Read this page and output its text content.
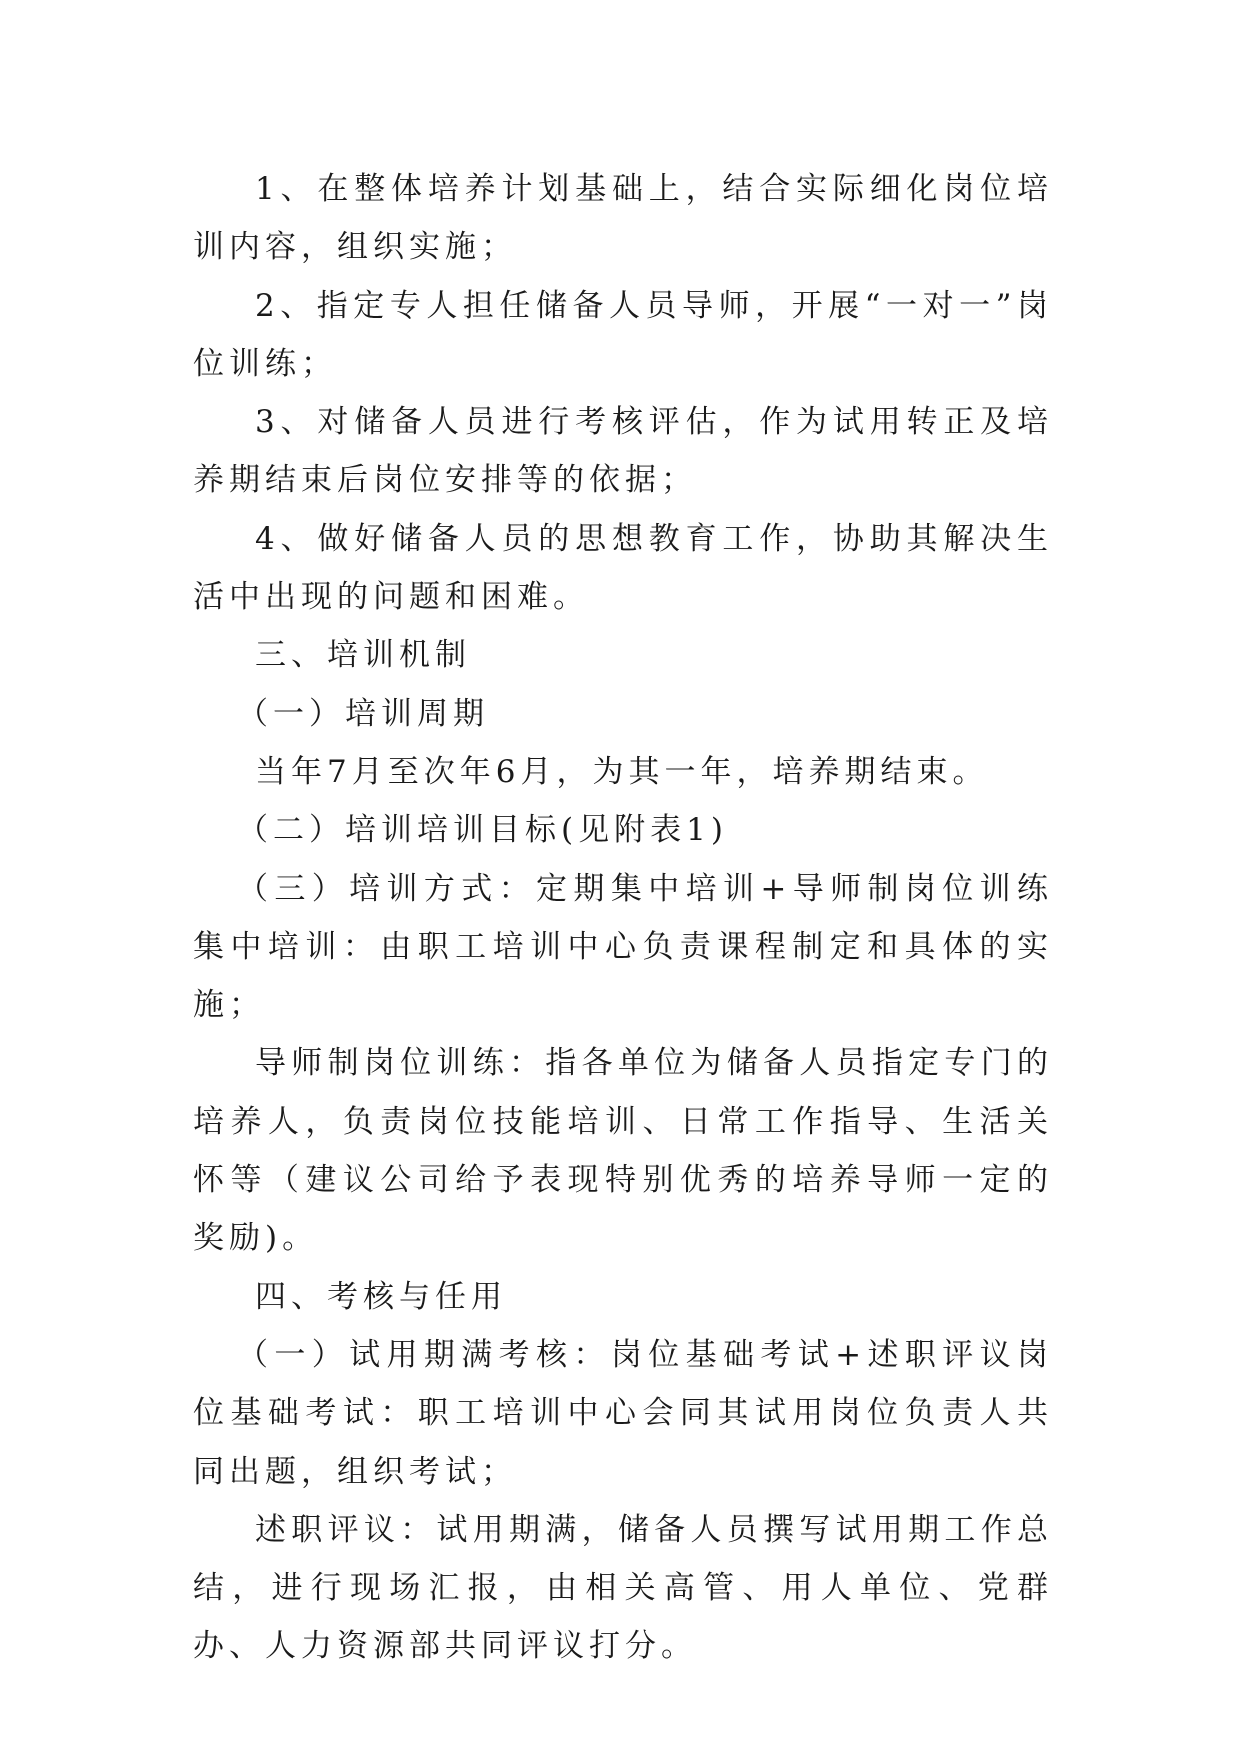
1、在整体培养计划基础上，结合实际细化岗位培训内容，组织实施；

2、指定专人担任储备人员导师，开展“一对一”岗位训练；

3、对储备人员进行考核评估，作为试用转正及培养期结束后岗位安排等的依据；

4、做好储备人员的思想教育工作，协助其解决生活中出现的问题和困难。

三、培训机制

（一）培训周期

当年7月至次年6月，为其一年，培养期结束。

（二）培训培训目标(见附表1)

（三）培训方式：定期集中培训+导师制岗位训练集中培训：由职工培训中心负责课程制定和具体的实施；

导师制岗位训练：指各单位为储备人员指定专门的培养人，负责岗位技能培训、日常工作指导、生活关怀等（建议公司给予表现特别优秀的培养导师一定的奖励)。

四、考核与任用

（一）试用期满考核：岗位基础考试+述职评议岗位基础考试：职工培训中心会同其试用岗位负责人共同出题，组织考试；

述职评议：试用期满，储备人员撰写试用期工作总结，进行现场汇报，由相关高管、用人单位、党群办、人力资源部共同评议打分。
